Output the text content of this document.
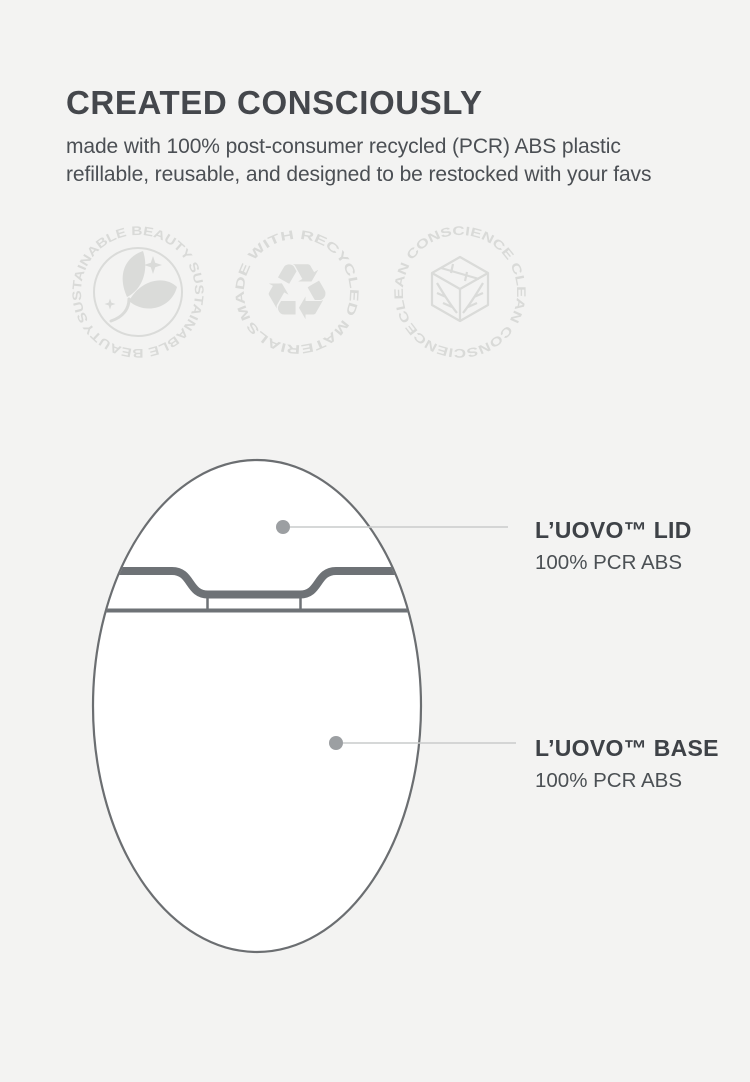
CREATED CONSCIOUSLY

made with 100% post-consumer recycled (PCR) ABS plastic
refillable, reusable, and designed to be restocked with your favs

SUSTAINABLE BEAUTY SUSTAINABLE BEAUTY
MADE WITH RECYCLED MATERIALS ♻	CLEAN CONSCIENCE CLEAN CONSCIENCE
L’UOVO™ LID
100% PCR ABS
L’UOVO™ BASE
100% PCR ABS
